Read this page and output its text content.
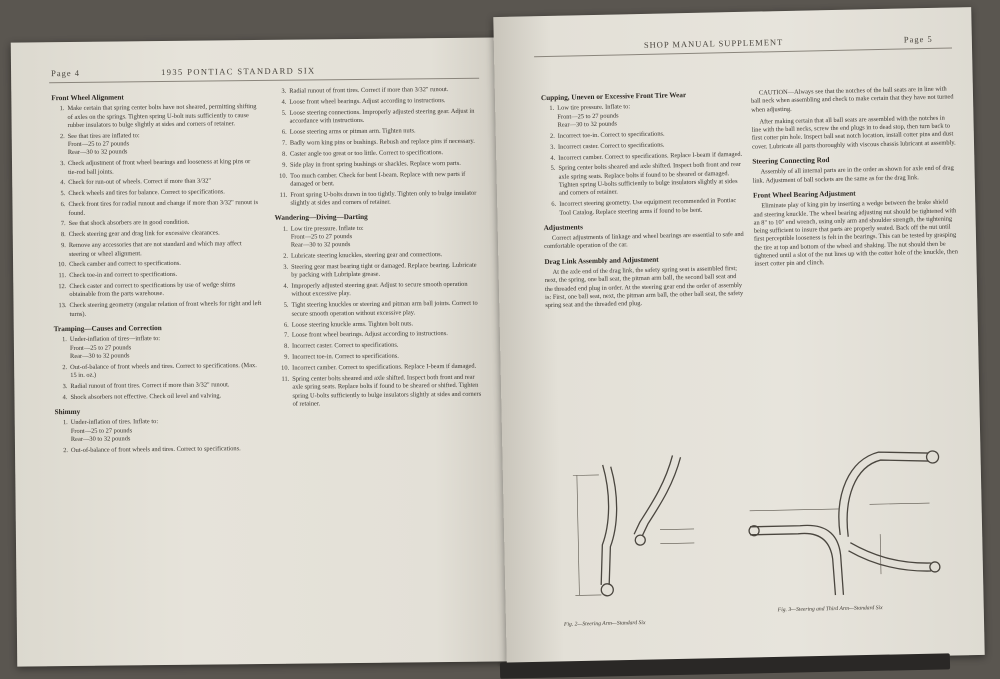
Page 4	1935 PONTIAC STANDARD SIX
Front Wheel Alignment
1. Make certain that spring center bolts have not sheared, permitting shifting of axles on the springs. Tighten spring U-bolt nuts sufficiently to cause rubber insulators to bulge slightly at sides and corners of retainer.
2. See that tires are inflated to:
Front—25 to 27 pounds
Rear—30 to 32 pounds
3. Check adjustment of front wheel bearings and looseness at king pins or tie-rod ball joints.
4. Check for run-out of wheels. Correct if more than 3/32"
5. Check wheels and tires for balance. Correct to specifications.
6. Check front tires for radial runout and change if more than 3/32" runout is found.
7. See that shock absorbers are in good condition.
8. Check steering gear and drag link for excessive clearances.
9. Remove any accessories that are not standard and which may affect steering or wheel alignment.
10. Check camber and correct to specifications.
11. Check toe-in and correct to specifications.
12. Check caster and correct to specifications by use of wedge shims obtainable from the parts warehouse.
13. Check steering geometry (angular relation of front wheels for right and left turns).
Tramping—Causes and Correction
1. Under-inflation of tires—inflate to:
Front—25 to 27 pounds
Rear—30 to 32 pounds
2. Out-of-balance of front wheels and tires. Correct to specifications. (Max. 15 in. oz.)
3. Radial runout of front tires. Correct if more than 3/32" runout.
4. Shock absorbers not effective. Check oil level and valving.
Shimmy
1. Under-inflation of tires. Inflate to:
Front—25 to 27 pounds
Rear—30 to 32 pounds
2. Out-of-balance of front wheels and tires. Correct to specifications.
3. Radial runout of front tires. Correct if more than 3/32" runout.
4. Loose front wheel bearings. Adjust according to instructions.
5. Loose steering connections. Improperly adjusted steering gear. Adjust in accordance with instructions.
6. Loose steering arms or pitman arm. Tighten nuts.
7. Badly worn king pins or bushings. Rebush and replace pins if necessary.
8. Caster angle too great or too little. Correct to specifications.
9. Side play in front spring bushings or shackles. Replace worn parts.
10. Too much camber. Check for bent I-beam. Replace with new parts if damaged or bent.
11. Front spring U-bolts drawn in too tightly. Tighten only to bulge insulator slightly at sides and corners of retainer.
Wandering—Diving—Darting
1. Low tire pressure. Inflate to:
Front—25 to 27 pounds
Rear—30 to 32 pounds
2. Lubricate steering knuckles, steering gear and connections.
3. Steering gear mast bearing tight or damaged. Replace bearing. Lubricate by packing with Lubriplate grease.
4. Improperly adjusted steering gear. Adjust to secure smooth operation without excessive play.
5. Tight steering knuckles or steering and pitman arm ball joints. Correct to secure smooth operation without excessive play.
6. Loose steering knuckle arms. Tighten bolt nuts.
7. Loose front wheel bearings. Adjust according to instructions.
8. Incorrect caster. Correct to specifications.
9. Incorrect toe-in. Correct to specifications.
10. Incorrect camber. Correct to specifications. Replace I-beam if damaged.
11. Spring center bolts sheared and axle shifted. Inspect both front and rear axle spring seats. Replace bolts if found to be sheared or shifted. Tighten spring U-bolts sufficiently to bulge insulators slightly at sides and corners of retainer.
SHOP MANUAL SUPPLEMENT	Page 5
Cupping, Uneven or Excessive Front Tire Wear
1. Low tire pressure. Inflate to:
Front—25 to 27 pounds
Rear—30 to 32 pounds
2. Incorrect toe-in. Correct to specifications.
3. Incorrect caster. Correct to specifications.
4. Incorrect camber. Correct to specifications. Replace I-beam if damaged.
5. Spring center bolts sheared and axle shifted. Inspect both front and rear axle spring seats. Replace bolts if found to be sheared or damaged. Tighten spring U-bolts sufficiently to bulge insulators slightly at sides and corners of retainer.
6. Incorrect steering geometry. Use equipment recommended in Pontiac Tool Catalog. Replace steering arms if found to be bent.
Adjustments
Correct adjustments of linkage and wheel bearings are essential to safe and comfortable operation of the car.
Drag Link Assembly and Adjustment
At the axle end of the drag link, the safety spring seat is assembled first; next, the spring, one ball seat, the pitman arm ball, the second ball seat and the threaded end plug in order. At the steering gear end the order of assembly is: First, one ball seat, next, the pitman arm ball, the other ball seat, the safety spring seat and the threaded end plug.
CAUTION—Always see that the notches of the ball seats are in line with ball neck when assembling and check to make certain that they have not turned when adjusting.
After making certain that all ball seats are assembled with the notches in line with the ball necks, screw the end plugs in to dead stop, then turn back to first cotter pin hole. Inspect ball seat notch location, install cotter pins and dust cover. Lubricate all parts thoroughly with viscous chassis lubricant at assembly.
Steering Connecting Rod
Assembly of all internal parts are in the order as shown for axle end of drag link. Adjustment of ball sockets are the same as for the drag link.
Front Wheel Bearing Adjustment
Eliminate play of king pin by inserting a wedge between the brake shield and steering knuckle. The wheel bearing adjusting nut should be tightened with an 8" to 10" end wrench, using only arm and shoulder strength, the tightening being sufficient to insure that parts are properly seated. Back off the nut until first perceptible looseness is felt in the bearings. This can be tested by grasping the tire at top and bottom of the wheel and shaking. The nut should then be tightened until a slot of the nut lines up with the cotter hole of the knuckle, then insert cotter pin and clinch.
Fig. 2—Steering Arm—Standard Six
Fig. 3—Steering and Third Arm—Standard Six
